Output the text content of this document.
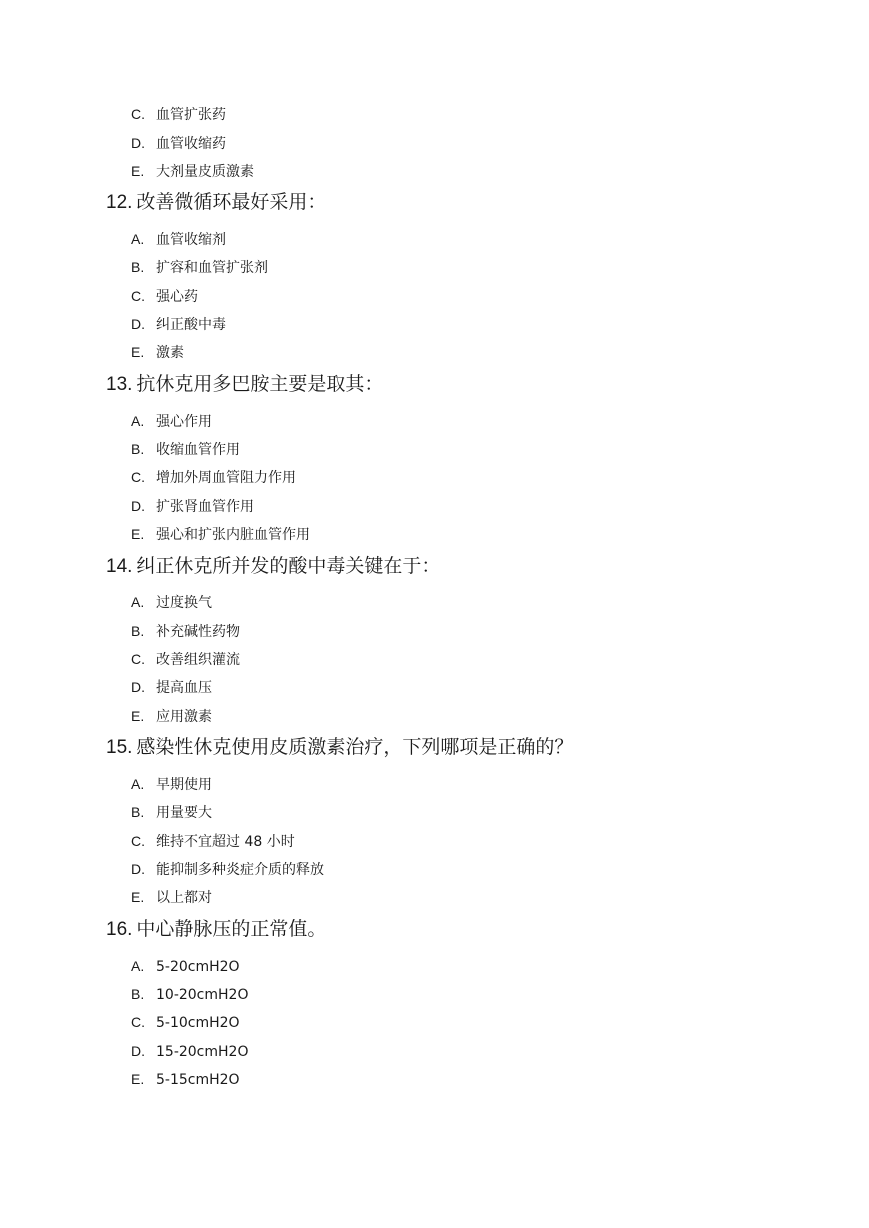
C. 血管扩张药
D. 血管收缩药
E. 大剂量皮质激素
12. 改善微循环最好采用：
A. 血管收缩剂
B. 扩容和血管扩张剂
C. 强心药
D. 纠正酸中毒
E. 激素
13. 抗休克用多巴胺主要是取其：
A. 强心作用
B. 收缩血管作用
C. 增加外周血管阻力作用
D. 扩张肾血管作用
E. 强心和扩张内脏血管作用
14. 纠正休克所并发的酸中毒关键在于：
A. 过度换气
B. 补充碱性药物
C. 改善组织灌流
D. 提高血压
E. 应用激素
15. 感染性休克使用皮质激素治疗，下列哪项是正确的？
A. 早期使用
B. 用量要大
C. 维持不宜超过 48 小时
D. 能抑制多种炎症介质的释放
E. 以上都对
16. 中心静脉压的正常值。
A. 5-20cmH2O
B. 10-20cmH2O
C. 5-10cmH2O
D. 15-20cmH2O
E. 5-15cmH2O
